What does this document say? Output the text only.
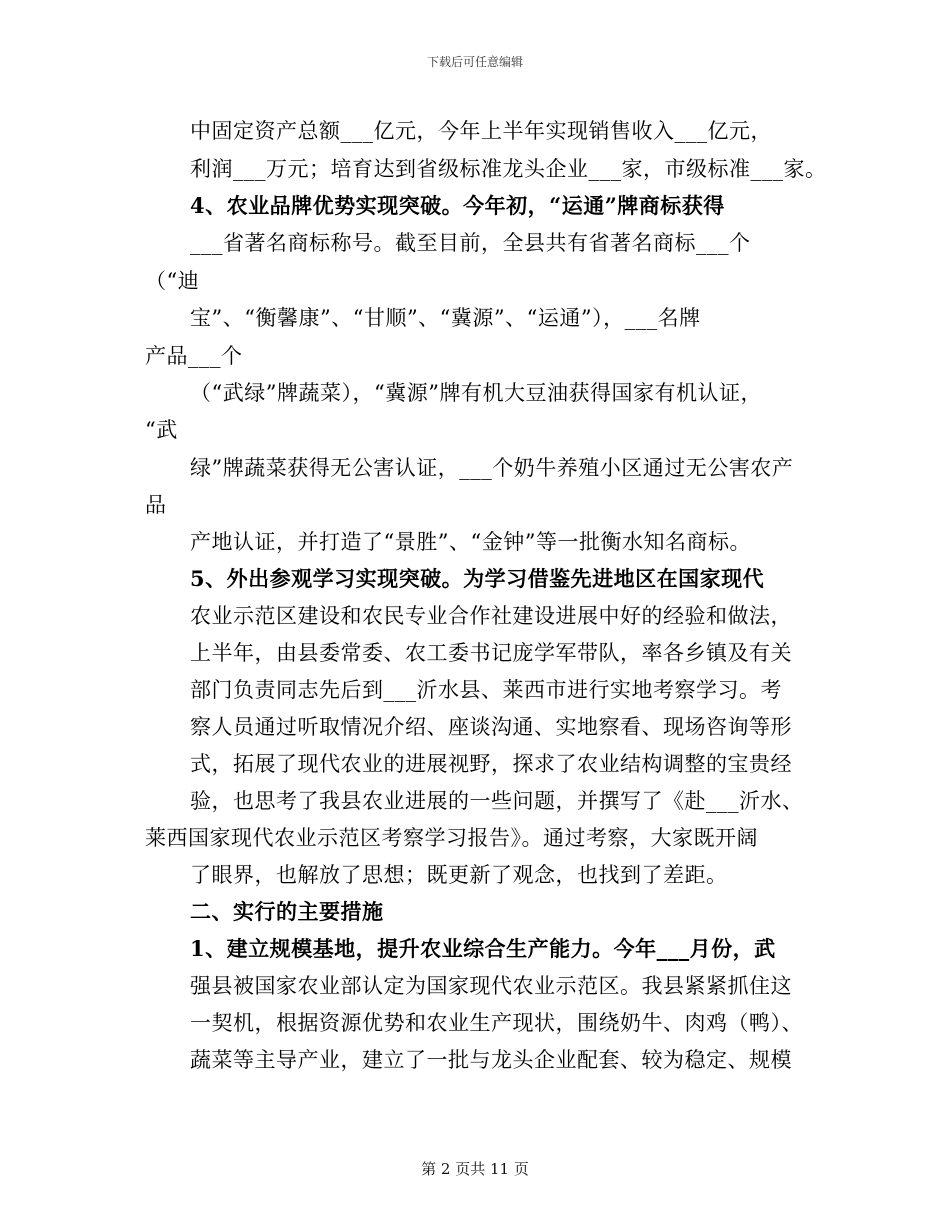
下载后可任意编辑
中固定资产总额___亿元，今年上半年实现销售收入___亿元，
利润___万元；培育达到省级标准龙头企业___家，市级标准___家。
4、农业品牌优势实现突破。今年初，“运通”牌商标获得
___省著名商标称号。截至目前，全县共有省著名商标___个
（“迪
宝”、“衡馨康”、“甘顺”、“冀源”、“运通”），___名牌
产品___个
（“武绿”牌蔬菜），“冀源”牌有机大豆油获得国家有机认证，
“武
绿”牌蔬菜获得无公害认证，___个奶牛养殖小区通过无公害农产
品
产地认证，并打造了“景胜”、“金钟”等一批衡水知名商标。
5、外出参观学习实现突破。为学习借鉴先进地区在国家现代
农业示范区建设和农民专业合作社建设进展中好的经验和做法，
上半年，由县委常委、农工委书记庞学军带队，率各乡镇及有关
部门负责同志先后到___沂水县、莱西市进行实地考察学习。考
察人员通过听取情况介绍、座谈沟通、实地察看、现场咨询等形
式，拓展了现代农业的进展视野，探求了农业结构调整的宝贵经
验，也思考了我县农业进展的一些问题，并撰写了《赴___沂水、
莱西国家现代农业示范区考察学习报告》。通过考察，大家既开阔
了眼界，也解放了思想；既更新了观念，也找到了差距。
二、实行的主要措施
1、建立规模基地，提升农业综合生产能力。今年___月份，武
强县被国家农业部认定为国家现代农业示范区。我县紧紧抓住这
一契机，根据资源优势和农业生产现状，围绕奶牛、肉鸡（鸭）、
蔬菜等主导产业，建立了一批与龙头企业配套、较为稳定、规模
第 2 页共 11 页
